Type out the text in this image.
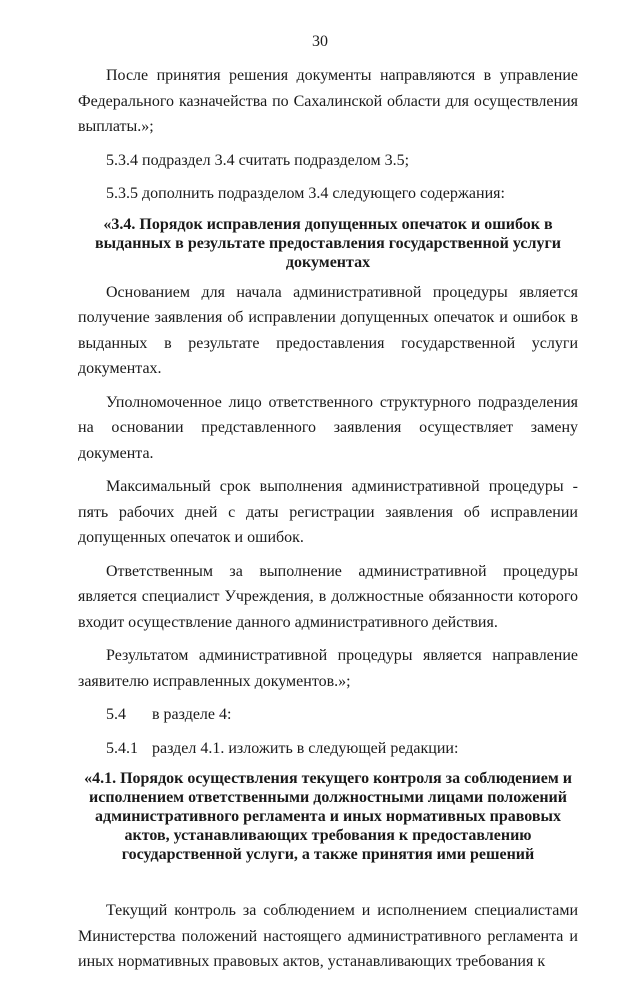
30

После принятия решения документы направляются в управление Федерального казначейства по Сахалинской области для осуществления выплаты.»;

5.3.4 подраздел 3.4 считать подразделом 3.5;

5.3.5 дополнить подразделом 3.4 следующего содержания:

«3.4. Порядок исправления допущенных опечаток и ошибок в выданных в результате предоставления государственной услуги документах

Основанием для начала административной процедуры является получение заявления об исправлении допущенных опечаток и ошибок в выданных в результате предоставления государственной услуги документах.

Уполномоченное лицо ответственного структурного подразделения на основании представленного заявления осуществляет замену документа.

Максимальный срок выполнения административной процедуры - пять рабочих дней с даты регистрации заявления об исправлении допущенных опечаток и ошибок.

Ответственным за выполнение административной процедуры является специалист Учреждения, в должностные обязанности которого входит осуществление данного административного действия.

Результатом административной процедуры является направление заявителю исправленных документов.»;

5.4 в разделе 4:

5.4.1 раздел 4.1. изложить в следующей редакции:

«4.1. Порядок осуществления текущего контроля за соблюдением и исполнением ответственными должностными лицами положений административного регламента и иных нормативных правовых актов, устанавливающих требования к предоставлению государственной услуги, а также принятия ими решений

Текущий контроль за соблюдением и исполнением специалистами Министерства положений настоящего административного регламента и иных нормативных правовых актов, устанавливающих требования к
